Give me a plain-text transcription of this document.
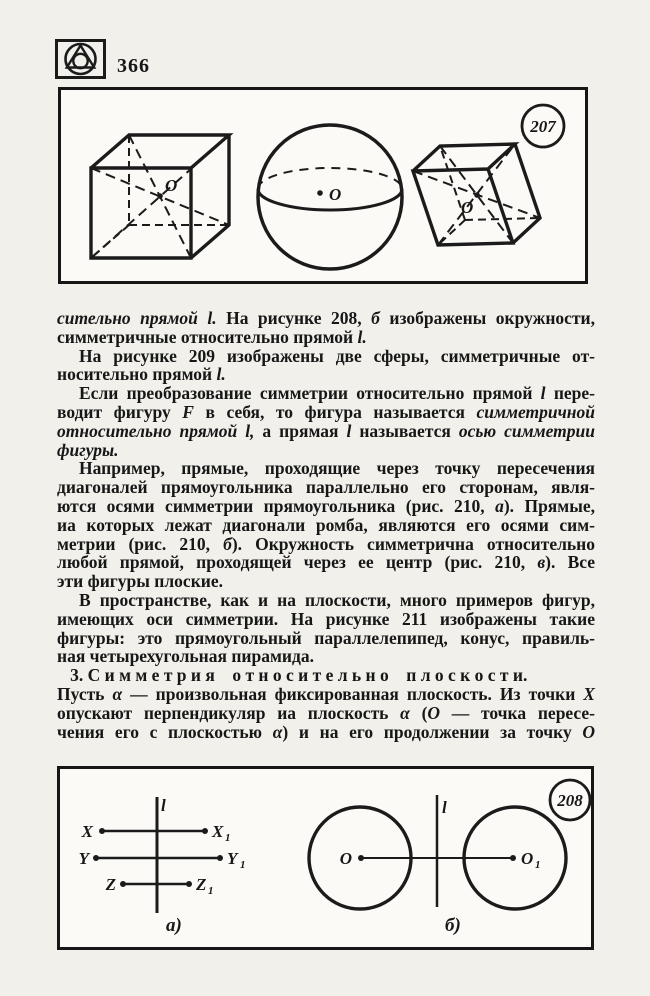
366
O	O
O
207
сительно прямой l. На рисунке 208, б изображены окружности,
симметричные относительно прямой l.
На рисунке 209 изображены две сферы, симметричные от-
носительно прямой l.
Если преобразование симметрии относительно прямой l пере-
водит фигуру F в себя, то фигура называется симметричной
относительно прямой l, а прямая l называется осью симметрии
фигуры.
Например, прямые, проходящие через точку пересечения
диагоналей прямоугольника параллельно его сторонам, явля-
ются осями симметрии прямоугольника (рис. 210, а). Прямые,
иа которых лежат диагонали ромба, являются его осями сим-
метрии (рис. 210, б). Окружность симметрична относительно
любой прямой, проходящей через ее центр (рис. 210, в). Все
эти фигуры плоские.
В пространстве, как и на плоскости, много примеров фигур,
имеющих оси симметрии. На рисунке 211 изображены такие
фигуры: это прямоугольный параллелепипед, конус, правиль-
ная четырехугольная пирамида.
3. С и м м е т р и я    о т н о с и т е л ь н о    п л о с к о с т и.
Пусть α — произвольная фиксированная плоскость. Из точки X
опускают перпендикуляр иа плоскость α (О — точка пересе-
чения его с плоскостью α) и на его продолжении за точку О
l
X	X 1
Y	Y 1
Z	Z 1
а)
l
O	O 1
б)
208
